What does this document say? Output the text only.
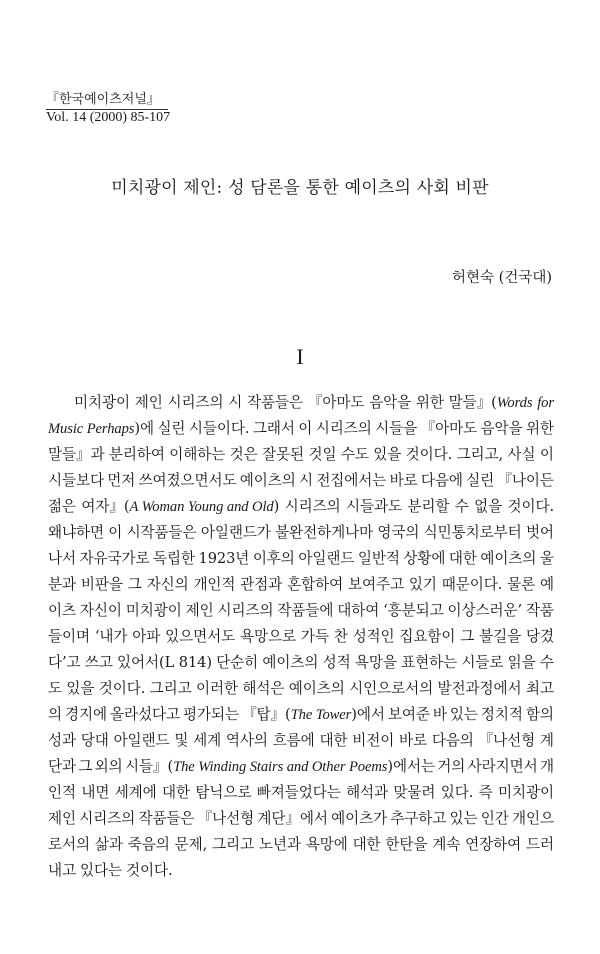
『한국예이츠저널』
Vol. 14 (2000) 85-107
미치광이 제인: 성 담론을 통한 예이츠의 사회 비판
허현숙 (건국대)
I
미치광이 제인 시리즈의 시 작품들은 『아마도 음악을 위한 말들』(Words for
Music Perhaps)에 실린 시들이다. 그래서 이 시리즈의 시들을 『아마도 음악을 위한
말들』과 분리하여 이해하는 것은 잘못된 것일 수도 있을 것이다. 그리고, 사실 이
시들보다 먼저 쓰여졌으면서도 예이츠의 시 전집에서는 바로 다음에 실린 『나이든
젊은 여자』(A Woman Young and Old) 시리즈의 시들과도 분리할 수 없을 것이다.
왜냐하면 이 시작품들은 아일랜드가 불완전하게나마 영국의 식민통치로부터 벗어
나서 자유국가로 독립한 1923년 이후의 아일랜드 일반적 상황에 대한 예이츠의 울
분과 비판을 그 자신의 개인적 관점과 혼합하여 보여주고 있기 때문이다. 물론 예
이츠 자신이 미치광이 제인 시리즈의 작품들에 대하여 ‘흥분되고 이상스러운’ 작품
들이며 ‘내가 아파 있으면서도 욕망으로 가득 찬 성적인 집요함이 그 불길을 당겼
다’고 쓰고 있어서(L 814) 단순히 예이츠의 성적 욕망을 표현하는 시들로 읽을 수
도 있을 것이다. 그리고 이러한 해석은 예이츠의 시인으로서의 발전과정에서 최고
의 경지에 올라섰다고 평가되는 『탑』(The Tower)에서 보여준 바 있는 정치적 함의
성과 당대 아일랜드 및 세계 역사의 흐름에 대한 비전이 바로 다음의 『나선형 계
단과 그 외의 시들』(The Winding Stairs and Other Poems)에서는 거의 사라지면서 개
인적 내면 세계에 대한 탐닉으로 빠져들었다는 해석과 맞물려 있다. 즉 미치광이
제인 시리즈의 작품들은 『나선형 계단』에서 예이츠가 추구하고 있는 인간 개인으
로서의 삶과 죽음의 문제, 그리고 노년과 욕망에 대한 한탄을 계속 연장하여 드러
내고 있다는 것이다.
